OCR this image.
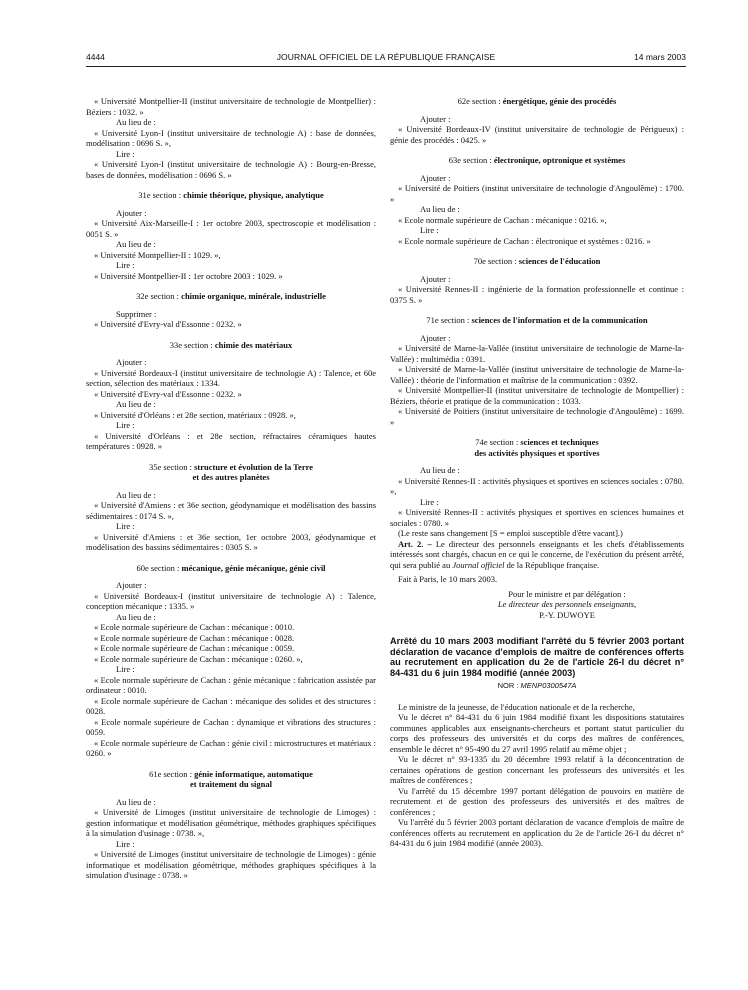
4444	JOURNAL OFFICIEL DE LA RÉPUBLIQUE FRANÇAISE	14 mars 2003

« Université Montpellier-II (institut universitaire de technologie de Montpellier) : Béziers : 1032. »

Au lieu de :

« Université Lyon-I (institut universitaire de technologie A) : base de données, modélisation : 0696 S. »,

Lire :

« Université Lyon-I (institut universitaire de technologie A) : Bourg-en-Bresse, bases de données, modélisation : 0696 S. »

31e section : chimie théorique, physique, analytique

Ajouter :

« Université Aix-Marseille-I : 1er octobre 2003, spectroscopie et modélisation : 0051 S. »

Au lieu de :

« Université Montpellier-II : 1029. »,

Lire :

« Université Montpellier-II : 1er octobre 2003 : 1029. »

32e section : chimie organique, minérale, industrielle

Supprimer :

« Université d'Evry-val d'Essonne : 0232. »

33e section : chimie des matériaux

Ajouter :

« Université Bordeaux-I (institut universitaire de technologie A) : Talence, et 60e section, sélection des matériaux : 1334.

« Université d'Evry-val d'Essonne : 0232. »

Au lieu de :

« Université d'Orléans : et 28e section, matériaux : 0928. »,

Lire :

« Université d'Orléans : et 28e section, réfractaires céramiques hautes températures : 0928. »

35e section : structure et évolution de la Terre
et des autres planètes

Au lieu de :

« Université d'Amiens : et 36e section, géodynamique et modélisation des bassins sédimentaires : 0174 S. »,

Lire :

« Université d'Amiens : et 36e section, 1er octobre 2003, géodynamique et modélisation des bassins sédimentaires : 0305 S. »

60e section : mécanique, génie mécanique, génie civil

Ajouter :

« Université Bordeaux-I (institut universitaire de technologie A) : Talence, conception mécanique : 1335. »

Au lieu de :

« Ecole normale supérieure de Cachan : mécanique : 0010.

« Ecole normale supérieure de Cachan : mécanique : 0028.

« Ecole normale supérieure de Cachan : mécanique : 0059.

« Ecole normale supérieure de Cachan : mécanique : 0260. »,

Lire :

« Ecole normale supérieure de Cachan : génie mécanique : fabrication assistée par ordinateur : 0010.

« Ecole normale supérieure de Cachan : mécanique des solides et des structures : 0028.

« Ecole normale supérieure de Cachan : dynamique et vibrations des structures : 0059.

« Ecole normale supérieure de Cachan : génie civil : microstructures et matériaux : 0260. »

61e section : génie informatique, automatique
et traitement du signal

Au lieu de :

« Université de Limoges (institut universitaire de technologie de Limoges) : gestion informatique et modélisation géométrique, méthodes graphiques spécifiques à la simulation d'usinage : 0738. »,

Lire :

« Université de Limoges (institut universitaire de technologie de Limoges) : génie informatique et modélisation géométrique, méthodes graphiques spécifiques à la simulation d'usinage : 0738. »

62e section : énergétique, génie des procédés

Ajouter :

« Université Bordeaux-IV (institut universitaire de technologie de Périgueux) : génie des procédés : 0425. »

63e section : électronique, optronique et systèmes

Ajouter :

« Université de Poitiers (institut universitaire de technologie d'Angoulême) : 1700. »

Au lieu de :

« Ecole normale supérieure de Cachan : mécanique : 0216. »,

Lire :

« Ecole normale supérieure de Cachan : électronique et systèmes : 0216. »

70e section : sciences de l'éducation

Ajouter :

« Université Rennes-II : ingénierie de la formation professionnelle et continue : 0375 S. »

71e section : sciences de l'information et de la communication

Ajouter :

« Université de Marne-la-Vallée (institut universitaire de technologie de Marne-la-Vallée) : multimédia : 0391.

« Université de Marne-la-Vallée (institut universitaire de technologie de Marne-la-Vallée) : théorie de l'information et maîtrise de la communication : 0392.

« Université Montpellier-II (institut universitaire de technologie de Montpellier) : Béziers, théorie et pratique de la communication : 1033.

« Université de Poitiers (institut universitaire de technologie d'Angoulême) : 1699. »

74e section : sciences et techniques
des activités physiques et sportives

Au lieu de :

« Université Rennes-II : activités physiques et sportives en sciences sociales : 0780. »,

Lire :

« Université Rennes-II : activités physiques et sportives en sciences humaines et sociales : 0780. »

(Le reste sans changement [S = emploi susceptible d'être vacant].)

Art. 2. – Le directeur des personnels enseignants et les chefs d'établissements intéressés sont chargés, chacun en ce qui le concerne, de l'exécution du présent arrêté, qui sera publié au Journal officiel de la République française.

Fait à Paris, le 10 mars 2003.

Pour le ministre et par délégation :

Le directeur des personnels enseignants,

P.-Y. DUWOYE

Arrêté du 10 mars 2003 modifiant l'arrêté du 5 février 2003 portant déclaration de vacance d'emplois de maître de conférences offerts au recrutement en application du 2e de l'article 26-I du décret n° 84-431 du 6 juin 1984 modifié (année 2003)

NOR : MENP0300547A

Le ministre de la jeunesse, de l'éducation nationale et de la recherche,

Vu le décret n° 84-431 du 6 juin 1984 modifié fixant les dispositions statutaires communes applicables aux enseignants-chercheurs et portant statut particulier du corps des professeurs des universités et du corps des maîtres de conférences, ensemble le décret n° 95-490 du 27 avril 1995 relatif au même objet ;

Vu le décret n° 93-1335 du 20 décembre 1993 relatif à la déconcentration de certaines opérations de gestion concernant les professeurs des universités et les maîtres de conférences ;

Vu l'arrêté du 15 décembre 1997 portant délégation de pouvoirs en matière de recrutement et de gestion des professeurs des universités et des maîtres de conférences ;

Vu l'arrêté du 5 février 2003 portant déclaration de vacance d'emplois de maître de conférences offerts au recrutement en application du 2e de l'article 26-I du décret n° 84-431 du 6 juin 1984 modifié (année 2003).
